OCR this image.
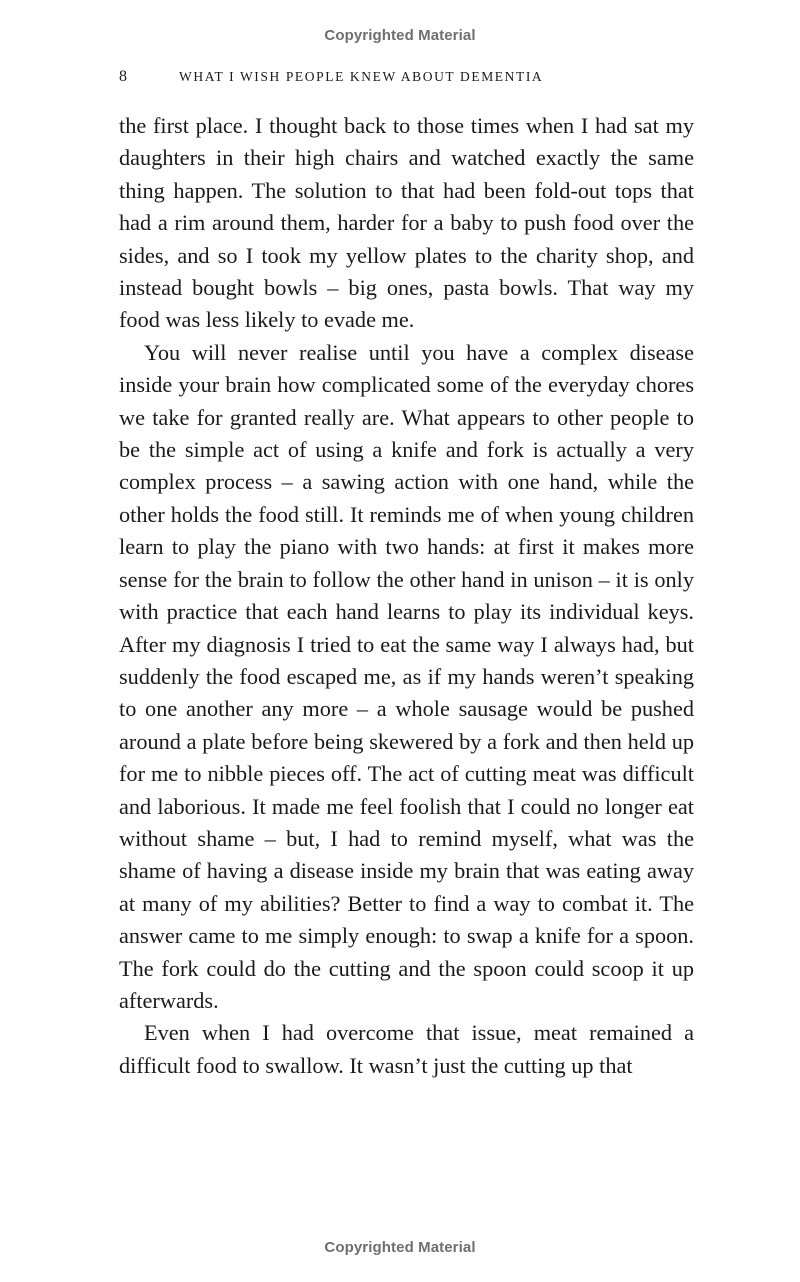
Copyrighted Material
8	WHAT I WISH PEOPLE KNEW ABOUT DEMENTIA

the first place. I thought back to those times when I had sat my daughters in their high chairs and watched exactly the same thing happen. The solution to that had been fold-out tops that had a rim around them, harder for a baby to push food over the sides, and so I took my yellow plates to the charity shop, and instead bought bowls – big ones, pasta bowls. That way my food was less likely to evade me.

You will never realise until you have a complex disease inside your brain how complicated some of the everyday chores we take for granted really are. What appears to other people to be the simple act of using a knife and fork is actually a very complex process – a sawing action with one hand, while the other holds the food still. It reminds me of when young children learn to play the piano with two hands: at first it makes more sense for the brain to follow the other hand in unison – it is only with practice that each hand learns to play its individual keys. After my diagnosis I tried to eat the same way I always had, but suddenly the food escaped me, as if my hands weren’t speaking to one another any more – a whole sausage would be pushed around a plate before being skewered by a fork and then held up for me to nibble pieces off. The act of cutting meat was difficult and laborious. It made me feel foolish that I could no longer eat without shame – but, I had to remind myself, what was the shame of having a disease inside my brain that was eating away at many of my abilities? Better to find a way to combat it. The answer came to me simply enough: to swap a knife for a spoon. The fork could do the cutting and the spoon could scoop it up afterwards.

Even when I had overcome that issue, meat remained a difficult food to swallow. It wasn’t just the cutting up that

Copyrighted Material
